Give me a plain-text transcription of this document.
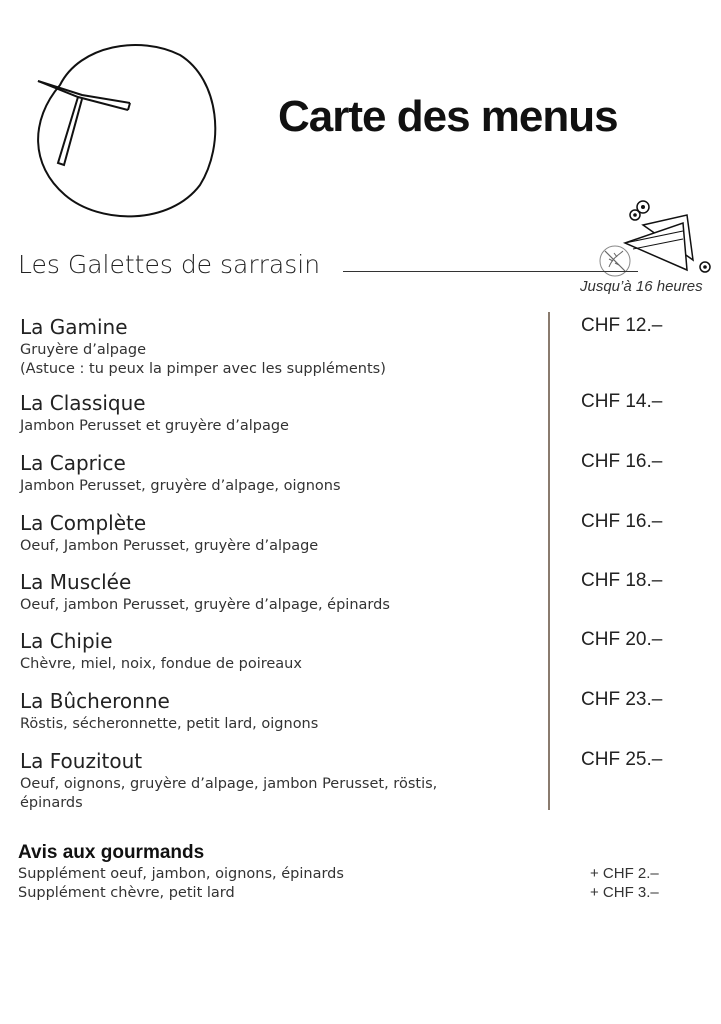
Carte des menus
Les Galettes de sarrasin
Jusqu’à 16 heures
La Gamine
Gruyère d’alpage
(Astuce : tu peux la pimper avec les suppléments)
CHF 12.–
La Classique
Jambon Perusset et gruyère d’alpage
CHF 14.–
La Caprice
Jambon Perusset, gruyère d’alpage, oignons
CHF 16.–
La Complète
Oeuf, Jambon Perusset, gruyère d’alpage
CHF 16.–
La Musclée
Oeuf, jambon Perusset, gruyère d’alpage, épinards
CHF 18.–
La Chipie
Chèvre, miel, noix, fondue de poireaux
CHF 20.–
La Bûcheronne
Röstis, sécheronnette, petit lard, oignons
CHF 23.–
La Fouzitout
Oeuf, oignons, gruyère d’alpage, jambon Perusset, röstis,
épinards
CHF 25.–
Avis aux gourmands
Supplément oeuf, jambon, oignons, épinards	+ CHF 2.–
Supplément chèvre, petit lard	+ CHF 3.–
